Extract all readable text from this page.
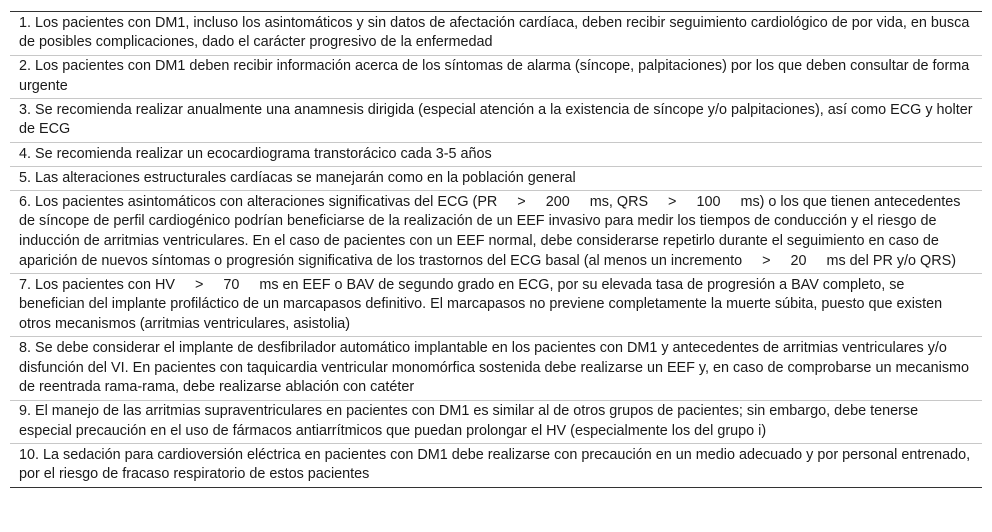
1. Los pacientes con DM1, incluso los asintomáticos y sin datos de afectación cardíaca, deben recibir seguimiento cardiológico de por vida, en busca de posibles complicaciones, dado el carácter progresivo de la enfermedad
2. Los pacientes con DM1 deben recibir información acerca de los síntomas de alarma (síncope, palpitaciones) por los que deben consultar de forma urgente
3. Se recomienda realizar anualmente una anamnesis dirigida (especial atención a la existencia de síncope y/o palpitaciones), así como ECG y holter de ECG
4. Se recomienda realizar un ecocardiograma transtorácico cada 3-5 años
5. Las alteraciones estructurales cardíacas se manejarán como en la población general
6. Los pacientes asintomáticos con alteraciones significativas del ECG (PR     >     200     ms, QRS     >     100     ms) o los que tienen antecedentes de síncope de perfil cardiogénico podrían beneficiarse de la realización de un EEF invasivo para medir los tiempos de conducción y el riesgo de inducción de arritmias ventriculares. En el caso de pacientes con un EEF normal, debe considerarse repetirlo durante el seguimiento en caso de aparición de nuevos síntomas o progresión significativa de los trastornos del ECG basal (al menos un incremento     >     20     ms del PR y/o QRS)
7. Los pacientes con HV     >     70     ms en EEF o BAV de segundo grado en ECG, por su elevada tasa de progresión a BAV completo, se benefician del implante profiláctico de un marcapasos definitivo. El marcapasos no previene completamente la muerte súbita, puesto que existen otros mecanismos (arritmias ventriculares, asistolia)
8. Se debe considerar el implante de desfibrilador automático implantable en los pacientes con DM1 y antecedentes de arritmias ventriculares y/o disfunción del VI. En pacientes con taquicardia ventricular monomórfica sostenida debe realizarse un EEF y, en caso de comprobarse un mecanismo de reentrada rama-rama, debe realizarse ablación con catéter
9. El manejo de las arritmias supraventriculares en pacientes con DM1 es similar al de otros grupos de pacientes; sin embargo, debe tenerse especial precaución en el uso de fármacos antiarrítmicos que puedan prolongar el HV (especialmente los del grupo i)
10. La sedación para cardioversión eléctrica en pacientes con DM1 debe realizarse con precaución en un medio adecuado y por personal entrenado, por el riesgo de fracaso respiratorio de estos pacientes
